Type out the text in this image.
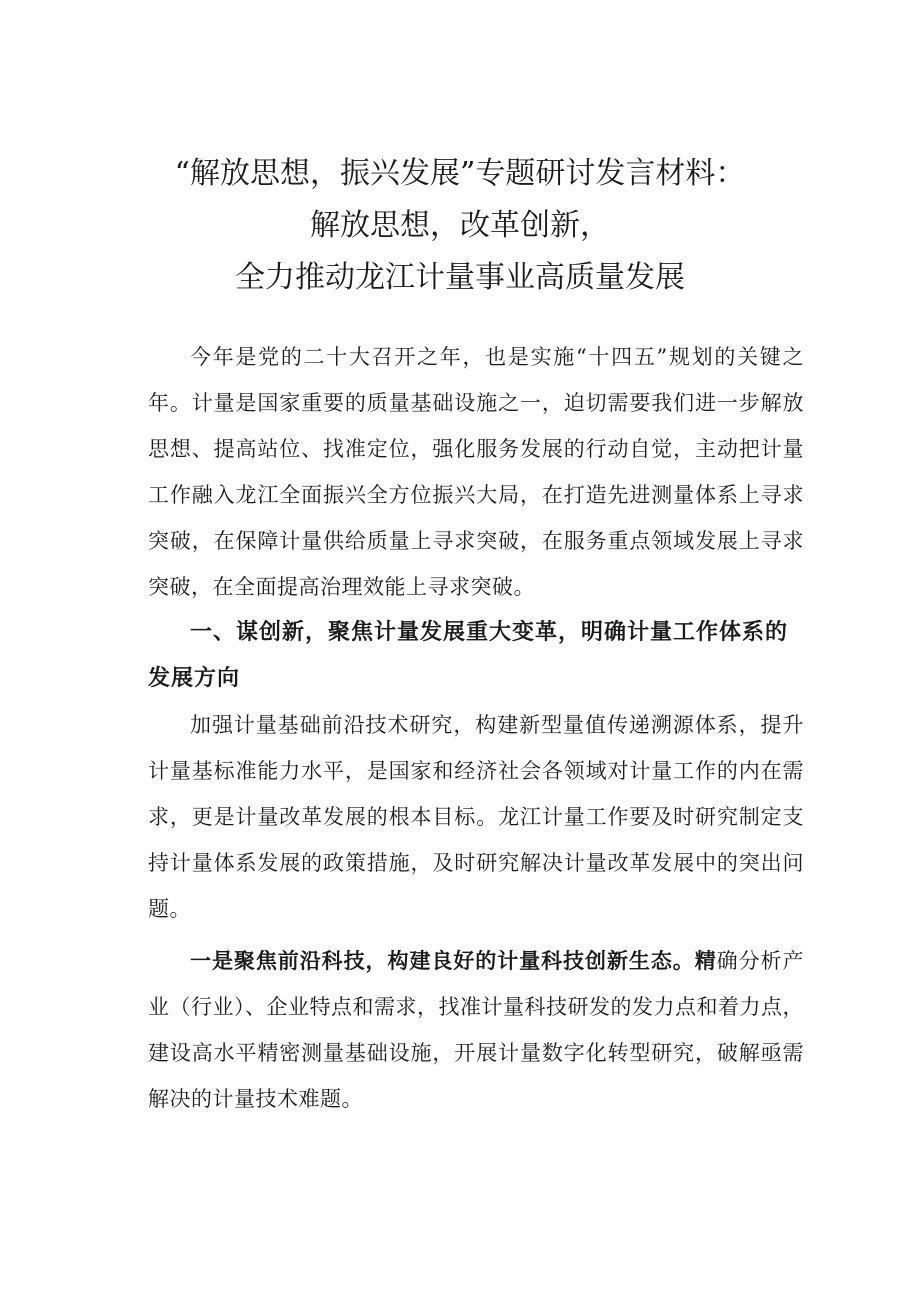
“解放思想，振兴发展”专题研讨发言材料：
解放思想，改革创新，
全力推动龙江计量事业高质量发展

今年是党的二十大召开之年，也是实施“十四五”规划的关键之年。计量是国家重要的质量基础设施之一，迫切需要我们进一步解放思想、提高站位、找准定位，强化服务发展的行动自觉，主动把计量工作融入龙江全面振兴全方位振兴大局，在打造先进测量体系上寻求突破，在保障计量供给质量上寻求突破，在服务重点领域发展上寻求突破，在全面提高治理效能上寻求突破。

一、谋创新，聚焦计量发展重大变革，明确计量工作体系的发展方向

加强计量基础前沿技术研究，构建新型量值传递溯源体系，提升计量基标准能力水平，是国家和经济社会各领域对计量工作的内在需求，更是计量改革发展的根本目标。龙江计量工作要及时研究制定支持计量体系发展的政策措施，及时研究解决计量改革发展中的突出问题。

一是聚焦前沿科技，构建良好的计量科技创新生态。精确分析产业（行业）、企业特点和需求，找准计量科技研发的发力点和着力点，建设高水平精密测量基础设施，开展计量数字化转型研究，破解亟需解决的计量技术难题。
